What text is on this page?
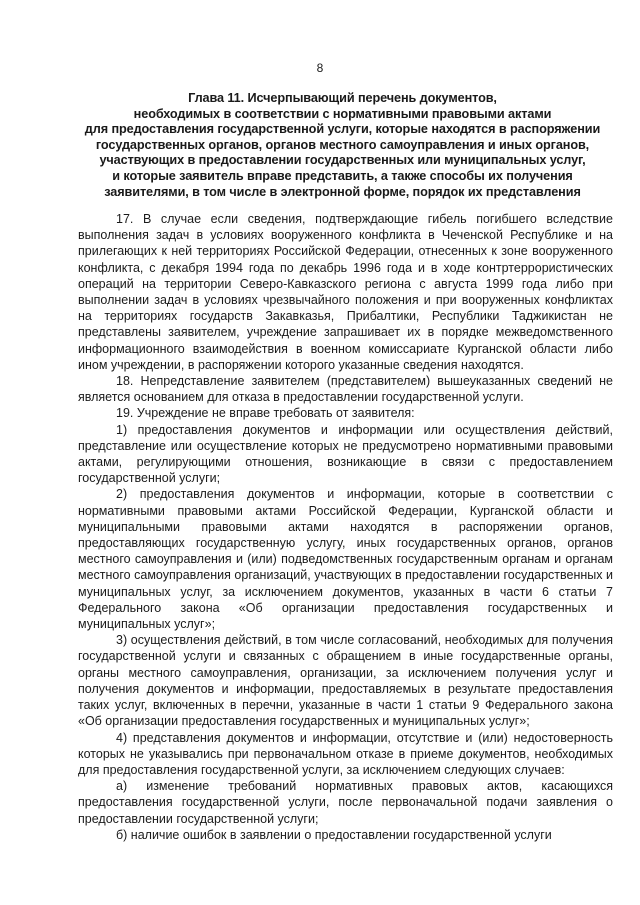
8
Глава 11. Исчерпывающий перечень документов,
необходимых в соответствии с нормативными правовыми актами
для предоставления государственной услуги, которые находятся в распоряжении
государственных органов, органов местного самоуправления и иных органов,
участвующих в предоставлении государственных или муниципальных услуг,
и которые заявитель вправе представить, а также способы их получения
заявителями, в том числе в электронной форме, порядок их представления

17. В случае если сведения, подтверждающие гибель погибшего вследствие выполнения задач в условиях вооруженного конфликта в Чеченской Республике и на прилегающих к ней территориях Российской Федерации, отнесенных к зоне вооруженного конфликта, с декабря 1994 года по декабрь 1996 года и в ходе контртеррористических операций на территории Северо-Кавказского региона с августа 1999 года либо при выполнении задач в условиях чрезвычайного положения и при вооруженных конфликтах на территориях государств Закавказья, Прибалтики, Республики Таджикистан не представлены заявителем, учреждение запрашивает их в порядке межведомственного информационного взаимодействия в военном комиссариате Курганской области либо ином учреждении, в распоряжении которого указанные сведения находятся.

18. Непредставление заявителем (представителем) вышеуказанных сведений не является основанием для отказа в предоставлении государственной услуги.

19. Учреждение не вправе требовать от заявителя:

1) предоставления документов и информации или осуществления действий, представление или осуществление которых не предусмотрено нормативными правовыми актами, регулирующими отношения, возникающие в связи с предоставлением государственной услуги;

2) предоставления документов и информации, которые в соответствии с нормативными правовыми актами Российской Федерации, Курганской области и муниципальными правовыми актами находятся в распоряжении органов, предоставляющих государственную услугу, иных государственных органов, органов местного самоуправления и (или) подведомственных государственным органам и органам местного самоуправления организаций, участвующих в предоставлении государственных и муниципальных услуг, за исключением документов, указанных в части 6 статьи 7 Федерального закона «Об организации предоставления государственных и муниципальных услуг»;

3) осуществления действий, в том числе согласований, необходимых для получения государственной услуги и связанных с обращением в иные государственные органы, органы местного самоуправления, организации, за исключением получения услуг и получения документов и информации, предоставляемых в результате предоставления таких услуг, включенных в перечни, указанные в части 1 статьи 9 Федерального закона «Об организации предоставления государственных и муниципальных услуг»;

4) представления документов и информации, отсутствие и (или) недостоверность которых не указывались при первоначальном отказе в приеме документов, необходимых для предоставления государственной услуги, за исключением следующих случаев:

а) изменение требований нормативных правовых актов, касающихся предоставления государственной услуги, после первоначальной подачи заявления о предоставлении государственной услуги;

б) наличие ошибок в заявлении о предоставлении государственной услуги
